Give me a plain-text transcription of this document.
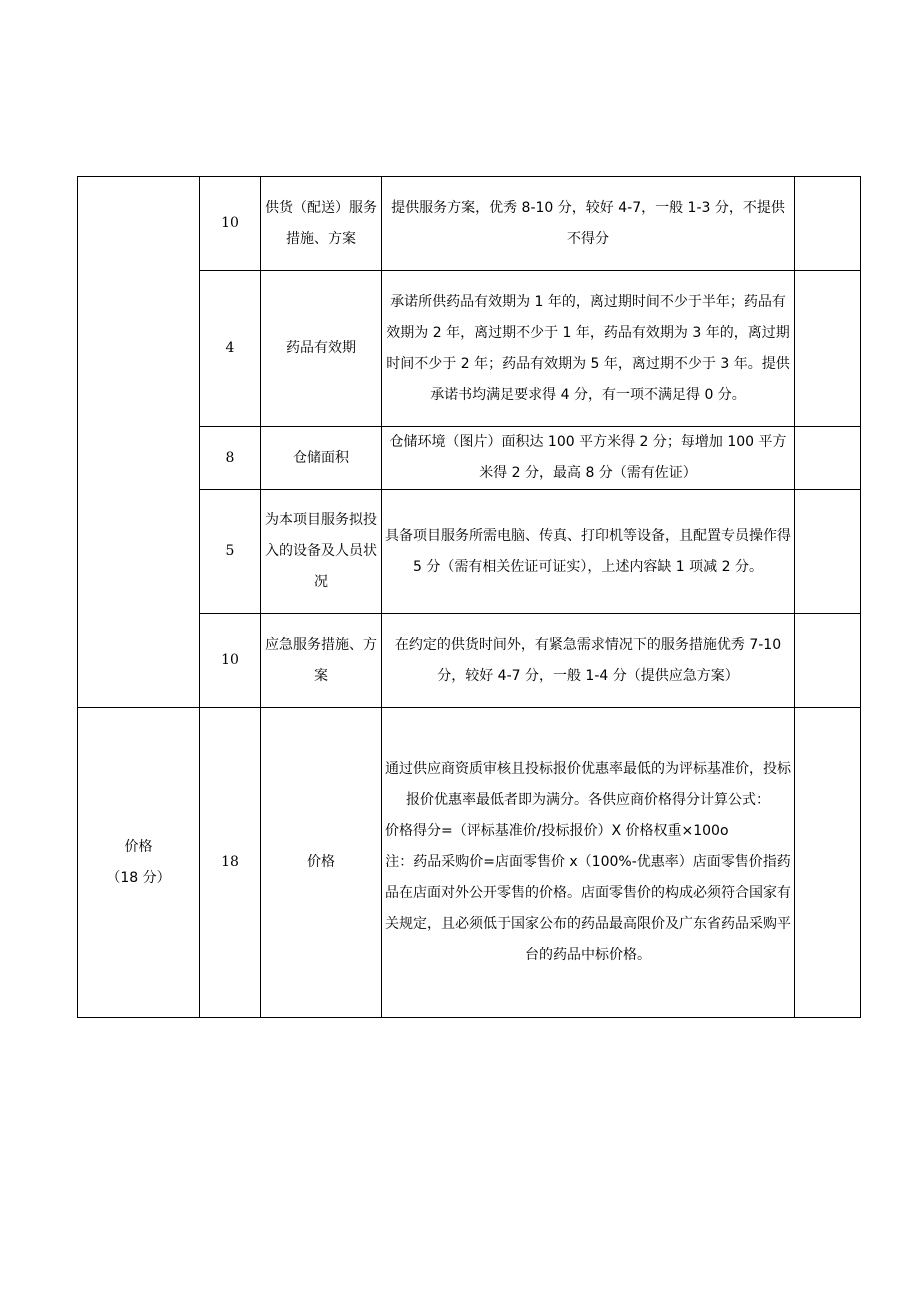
	10	供货（配送）服务措施、方案	提供服务方案，优秀 8-10 分，较好 4-7，一般 1-3 分，不提供不得分	

	4	药品有效期	承诺所供药品有效期为 1 年的，离过期时间不少于半年；药品有效期为 2 年，离过期不少于 1 年，药品有效期为 3 年的，离过期时间不少于 2 年；药品有效期为 5 年，离过期不少于 3 年。提供承诺书均满足要求得 4 分，有一项不满足得 0 分。	

	8	仓储面积	仓储环境（图片）面积达 100 平方米得 2 分；每增加 100 平方米得 2 分，最高 8 分（需有佐证）	

	5	为本项目服务拟投入的设备及人员状况	具备项目服务所需电脑、传真、打印机等设备，且配置专员操作得 5 分（需有相关佐证可证实），上述内容缺 1 项减 2 分。	

	10	应急服务措施、方案	在约定的供货时间外，有紧急需求情况下的服务措施优秀 7-10 分，较好 4-7 分，一般 1-4 分（提供应急方案）	

价格
（18 分）	18	价格	通过供应商资质审核且投标报价优惠率最低的为评标基准价，投标报价优惠率最低者即为满分。各供应商价格得分计算公式：
价格得分=（评标基准价/投标报价）X 价格权重×100o
注：药品采购价=店面零售价 x（100%-优惠率）店面零售价指药品在店面对外公开零售的价格。店面零售价的构成必须符合国家有关规定，且必须低于国家公布的药品最高限价及广东省药品采购平台的药品中标价格。	
